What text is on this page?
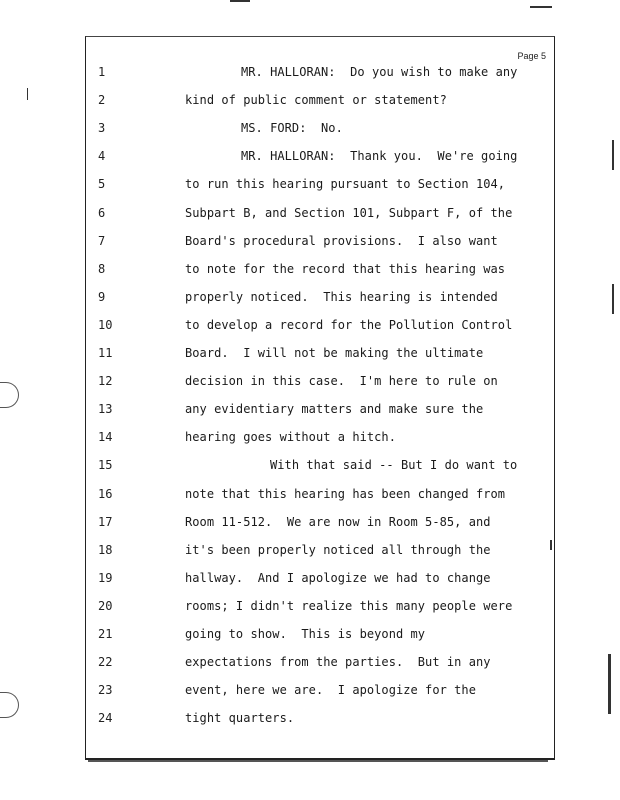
Page 5
1	MR. HALLORAN:  Do you wish to make any
2	kind of public comment or statement?
3	MS. FORD:  No.
4	MR. HALLORAN:  Thank you.  We're going
5	to run this hearing pursuant to Section 104,
6	Subpart B, and Section 101, Subpart F, of the
7	Board's procedural provisions.  I also want
8	to note for the record that this hearing was
9	properly noticed.  This hearing is intended
10	to develop a record for the Pollution Control
11	Board.  I will not be making the ultimate
12	decision in this case.  I'm here to rule on
13	any evidentiary matters and make sure the
14	hearing goes without a hitch.
15	With that said -- But I do want to
16	note that this hearing has been changed from
17	Room 11-512.  We are now in Room 5-85, and
18	it's been properly noticed all through the
19	hallway.  And I apologize we had to change
20	rooms; I didn't realize this many people were
21	going to show.  This is beyond my
22	expectations from the parties.  But in any
23	event, here we are.  I apologize for the
24	tight quarters.
